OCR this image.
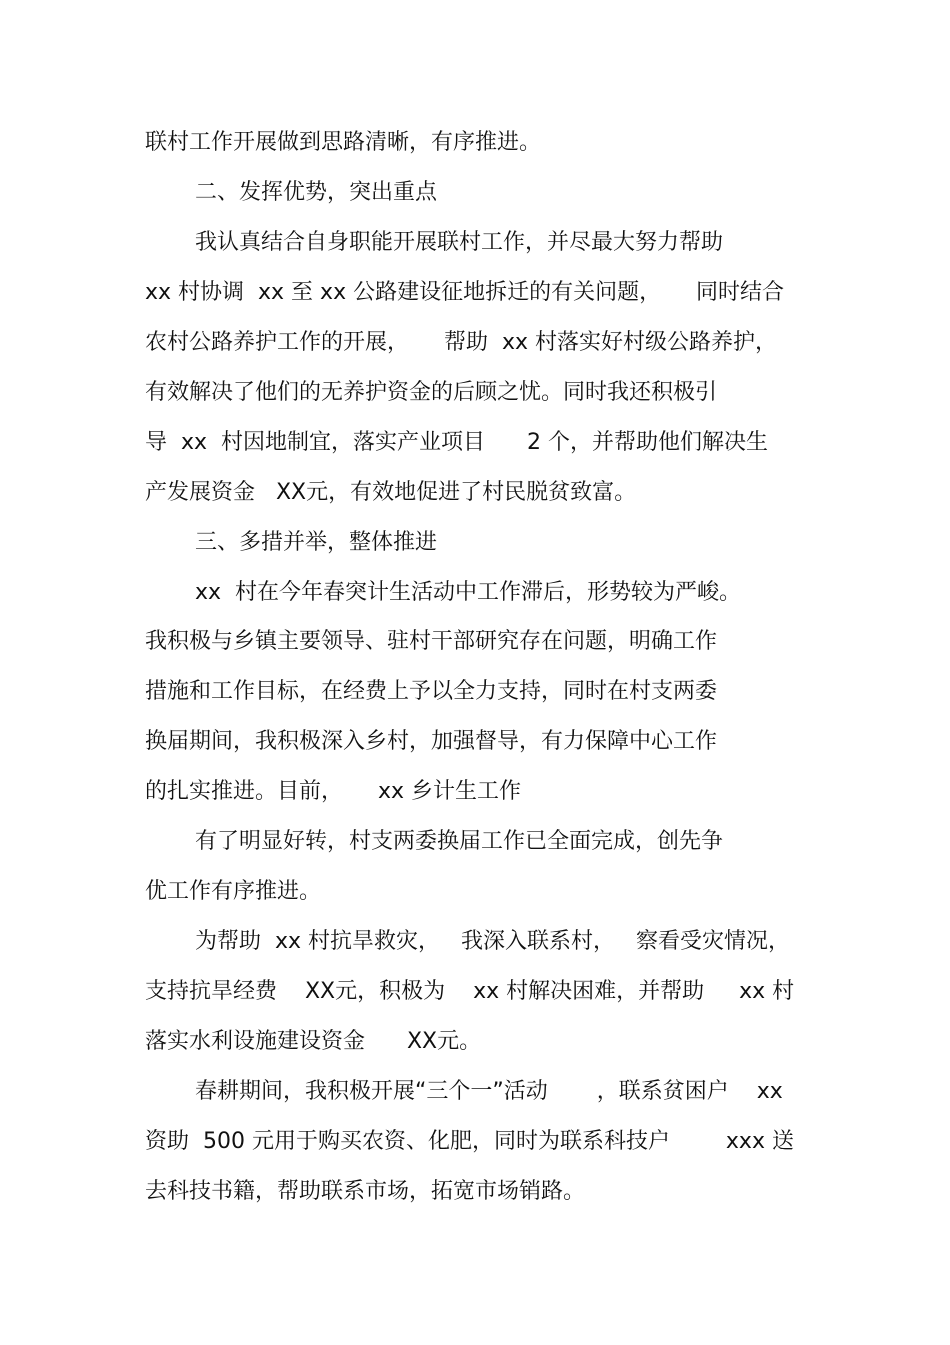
联村工作开展做到思路清晰，有序推进。
二、发挥优势，突出重点
我认真结合自身职能开展联村工作，并尽最大努力帮助
xx 村协调  xx 至 xx 公路建设征地拆迁的有关问题，     同时结合
农村公路养护工作的开展，     帮助  xx 村落实好村级公路养护，
有效解决了他们的无养护资金的后顾之忧。同时我还积极引
导  xx  村因地制宜，落实产业项目      2 个，并帮助他们解决生
产发展资金   XX元，有效地促进了村民脱贫致富。
三、多措并举，整体推进
xx  村在今年春突计生活动中工作滞后，形势较为严峻。
我积极与乡镇主要领导、驻村干部研究存在问题，明确工作
措施和工作目标，在经费上予以全力支持，同时在村支两委
换届期间，我积极深入乡村，加强督导，有力保障中心工作
的扎实推进。目前，     xx 乡计生工作
有了明显好转，村支两委换届工作已全面完成，创先争
优工作有序推进。
为帮助  xx 村抗旱救灾，   我深入联系村，   察看受灾情况，
支持抗旱经费    XX元，积极为    xx 村解决困难，并帮助     xx 村
落实水利设施建设资金      XX元。
春耕期间，我积极开展“三个一”活动       ，联系贫困户    xx
资助  500 元用于购买农资、化肥，同时为联系科技户        xxx 送
去科技书籍，帮助联系市场，拓宽市场销路。
